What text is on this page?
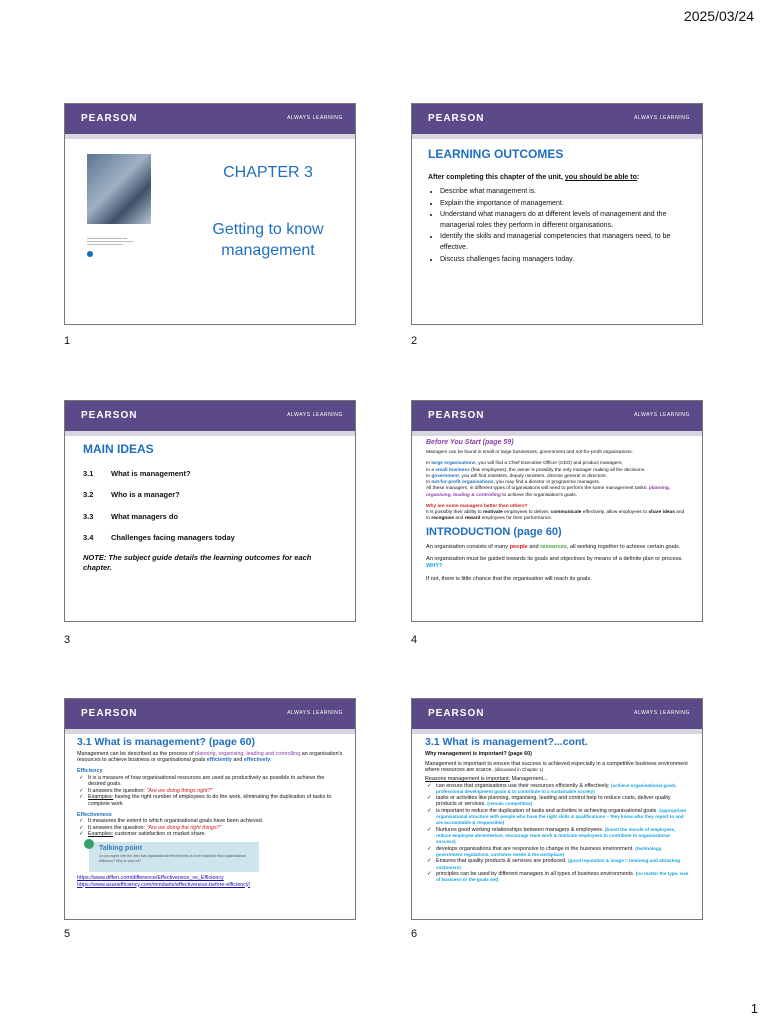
2025/03/24
PEARSON	ALWAYS LEARNING
CHAPTER 3
Getting to know management
1
PEARSON	ALWAYS LEARNING
LEARNING OUTCOMES

After completing this chapter of the unit, you should be able to:

• Describe what management is.
• Explain the importance of management.
• Understand what managers do at different levels of management and the managerial roles they perform in different organisations.
• Identify the skills and managerial competencies that managers need, to be effective.
• Discuss challenges facing managers today.
2
PEARSON	ALWAYS LEARNING
MAIN IDEAS
3.1 What is management?
3.2 Who is a manager?
3.3 What managers do
3.4 Challenges facing managers today
NOTE: The subject guide details the learning outcomes for each chapter.
3
PEARSON	ALWAYS LEARNING
Before You Start (page 59)

Managers can be found in small or large businesses, government and not-for-profit organisations.

In large organisations, you will find a Chief Executive Officer (CEO) and product managers;
In a small business (few employees), the owner is possibly the only manager making all the decisions.
In government, you will find ministers, deputy ministers, director general or directors.
In not-for-profit organisations, you may find a director or programme managers.

All these managers, in different types of organisations will need to perform the same management tasks: planning, organising, leading & controlling to achieve the organisation's goals.

Why are some managers better than others?

It is possibly their ability to motivate employees to deliver, communicate effectively, allow employees to share ideas and to recognise and reward employees for their performance.

INTRODUCTION (page 60)

An organisation consists of many people and resources, all working together to achieve certain goals.

An organisation must be guided towards its goals and objectives by means of a definite plan or process. WHY?

If not, there is little chance that the organisation will reach its goals.

4
PEARSON	ALWAYS LEARNING
3.1 What is management? (page 60)

Management can be described as the process of planning, organising, leading and controlling an organisation's resources to achieve business or organisational goals efficiently and effectively.

Efficiency
✓ It is a measure of how organisational resources are used as productively as possible to achieve the desired goals.
✓ It answers the question: "Are we doing things right?"
✓ Examples: having the right number of employees to do the work, eliminating the duplication of tasks to complete work
Effectiveness
✓ It measures the extent to which organisational goals have been achieved.
✓ It answers the question: "Are we doing the right things?"
✓ Examples: customer satisfaction or market share.
Talking point
Do you agree with the view that organisational effectiveness is more important than organisational efficiency? Why or why not?
https://www.diffen.com/difference/Effectiveness_vs_Efficiency
https://www.asanefficiency.com/mindsets/effectiveness-before-efficiency/
5
PEARSON	ALWAYS LEARNING
3.1 What is management?...cont.
Why management is important? (page 60)

Management is important to ensure that success is achieved especially in a competitive business environment where resources are scarce. (discussed in Chapter 1)

Reasons management is important: Management...
✓ can ensure that organisations use their resources efficiently & effectively. (achieve organisational goals, professional development goals & to contribute to a sustainable society)
✓ tasks or activities like planning, organising, leading and control help to reduce costs, deliver quality products or services. (remain competitive)
✓ is important to reduce the duplication of tasks and activities in achieving organisational goals. (appropriate organisational structure with people who have the right skills & qualifications – they know who they report to and are accountable & responsible)
✓ Nurtures good working relationships between managers & employees. (boost the morale of employees, reduce employee absenteeism, encourage team work & motivate employees to contribute to organisational success)
✓ develops organisations that are responsive to change in the business environment. (technology, government regulations, customer needs & the workplace)
✓ Ensures that quality products & services are produced. (good reputation & image = retaining and attracting customers)
✓ principles can be used by different managers in all types of business environments. (no matter the type, size of business or the goals set)
6
1
